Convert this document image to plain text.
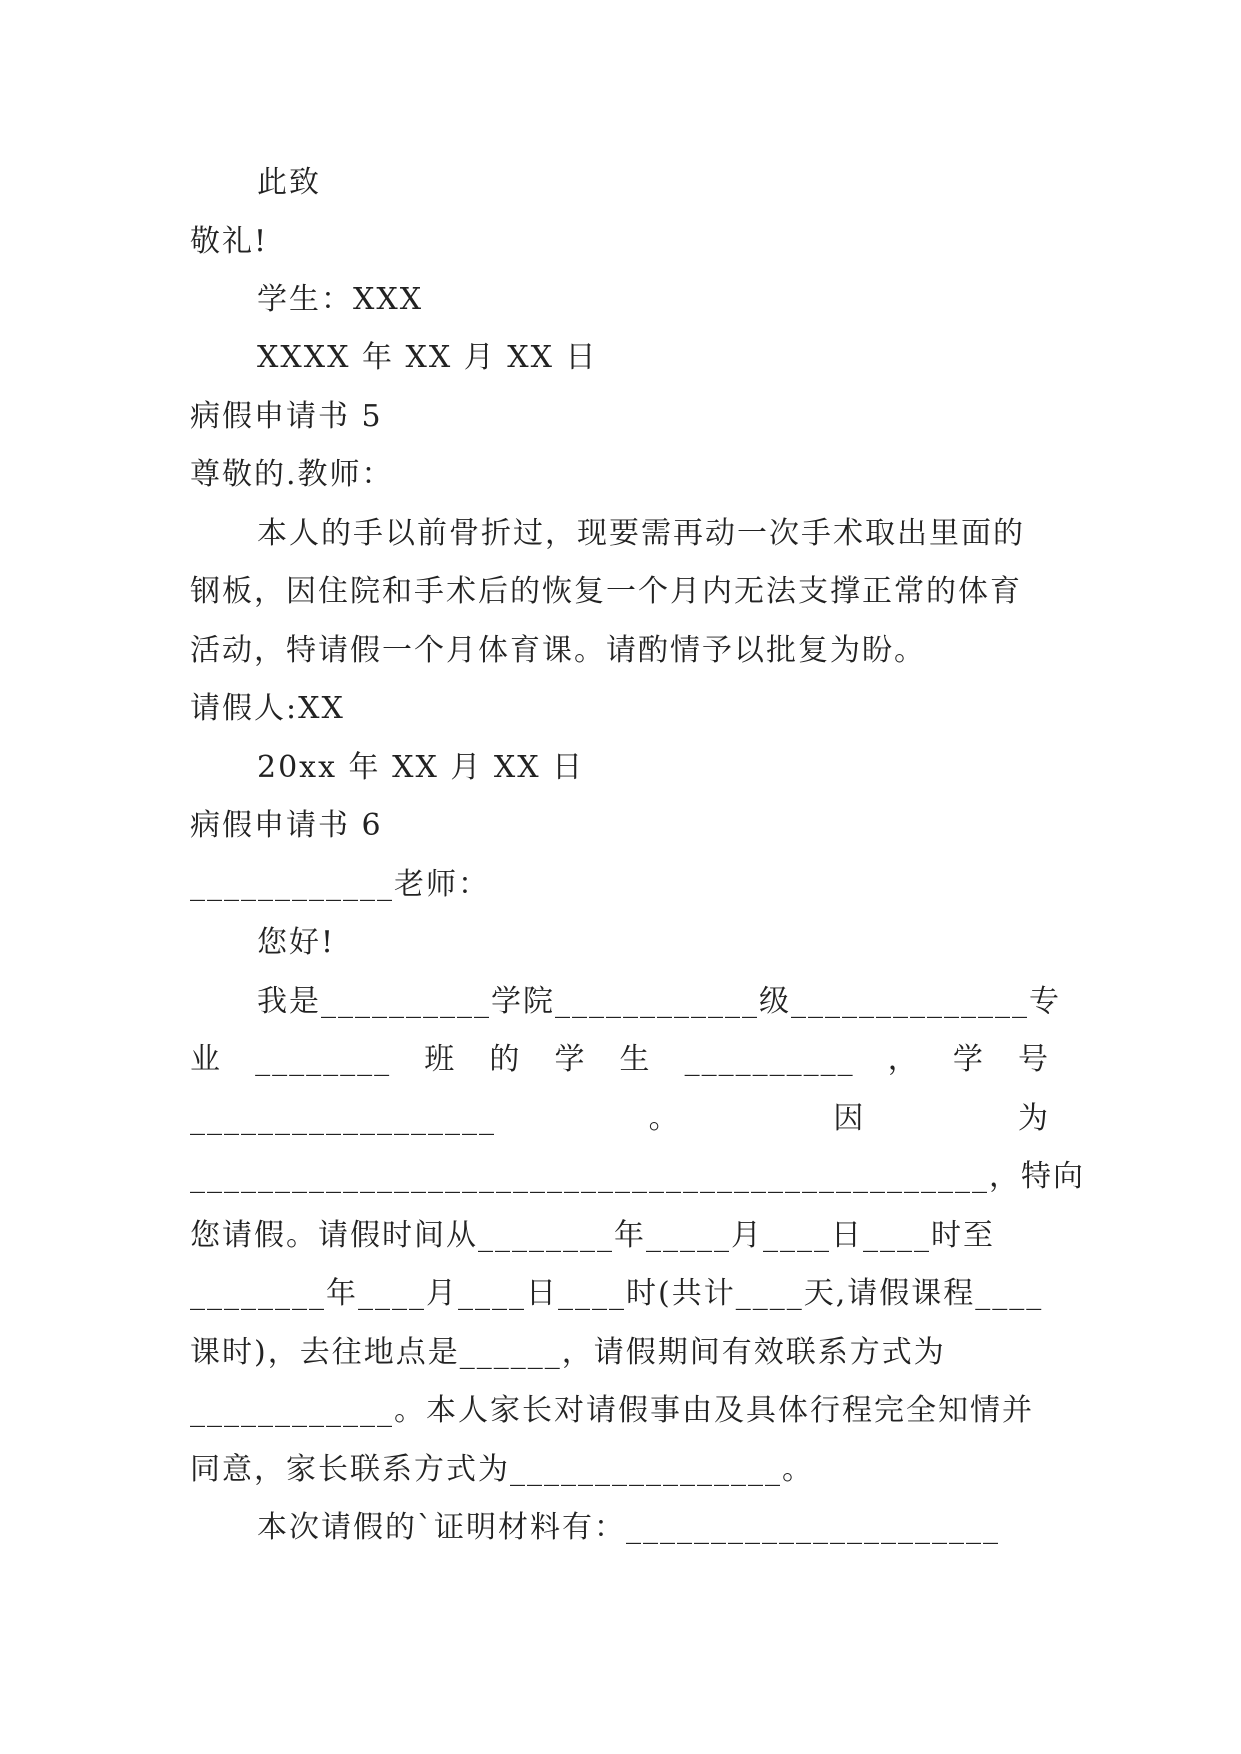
此致
敬礼!
学生：XXX
XXXX 年 XX 月 XX 日
病假申请书 5
尊敬的.教师：
本人的手以前骨折过，现要需再动一次手术取出里面的
钢板，因住院和手术后的恢复一个月内无法支撑正常的体育
活动，特请假一个月体育课。请酌情予以批复为盼。
请假人:XX
20xx 年 XX 月 XX 日
病假申请书 6
____________老师：
您好!
我是__________学院____________级______________专
业 ________ 班 的 学 生 __________ ， 学 号
__________________	。	因	为
_______________________________________________ ，特向
您请假。请假时间从________年_____月____日____时至
________年____月____日____时(共计____天,请假课程____
课时)，去往地点是______，请假期间有效联系方式为
____________。本人家长对请假事由及具体行程完全知情并
同意，家长联系方式为________________。
本次请假的`证明材料有：______________________
